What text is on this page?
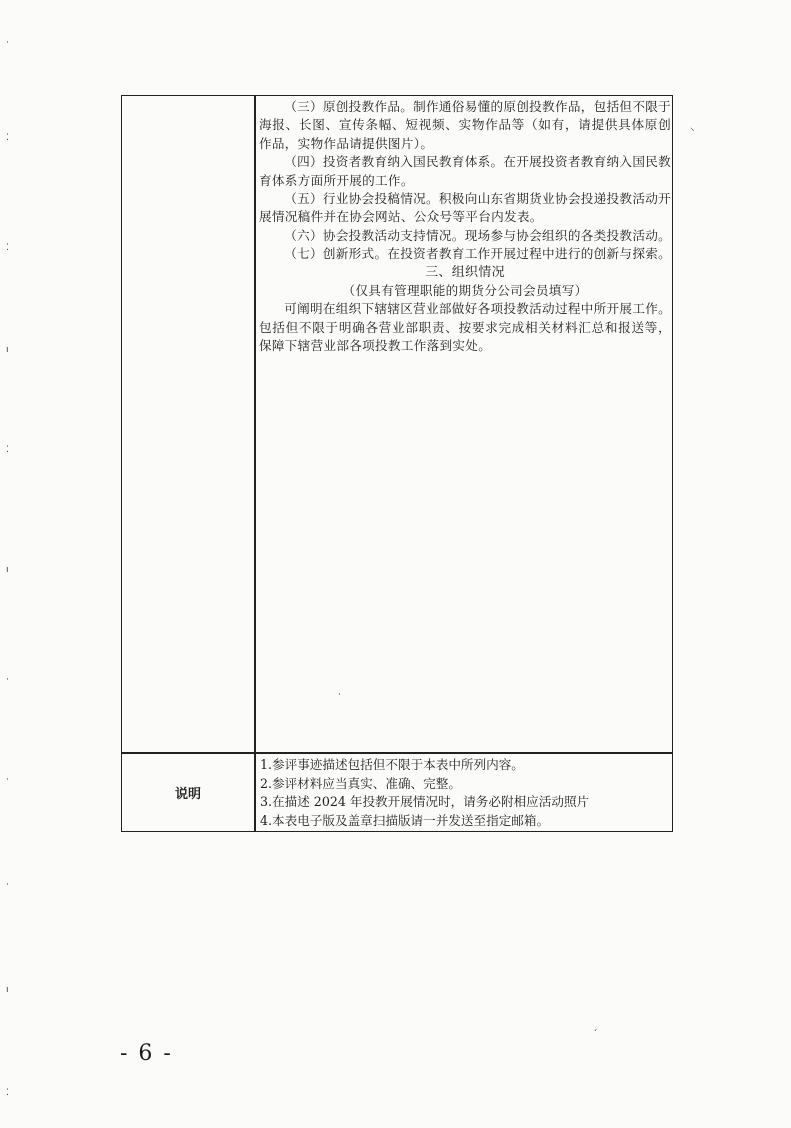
（三）原创投教作品。制作通俗易懂的原创投教作品，包括但不限于海报、长图、宣传条幅、短视频、实物作品等（如有，请提供具体原创作品，实物作品请提供图片）。

（四）投资者教育纳入国民教育体系。在开展投资者教育纳入国民教育体系方面所开展的工作。

（五）行业协会投稿情况。积极向山东省期货业协会投递投教活动开展情况稿件并在协会网站、公众号等平台内发表。

（六）协会投教活动支持情况。现场参与协会组织的各类投教活动。

（七）创新形式。在投资者教育工作开展过程中进行的创新与探索。

三、组织情况

（仅具有管理职能的期货分公司会员填写）

可阐明在组织下辖辖区营业部做好各项投教活动过程中所开展工作。包括但不限于明确各营业部职责、按要求完成相关材料汇总和报送等，保障下辖营业部各项投教工作落到实处。

说明
1.参评事迹描述包括但不限于本表中所列内容。
2.参评材料应当真实、准确、完整。
3.在描述 2024 年投教开展情况时，请务必附相应活动照片
4.本表电子版及盖章扫描版请一并发送至指定邮箱。
- 6 -
⸌
·
·
⁚
⁚
ı
⁚
ı
·
·
·
ı
⁚
ˏ
